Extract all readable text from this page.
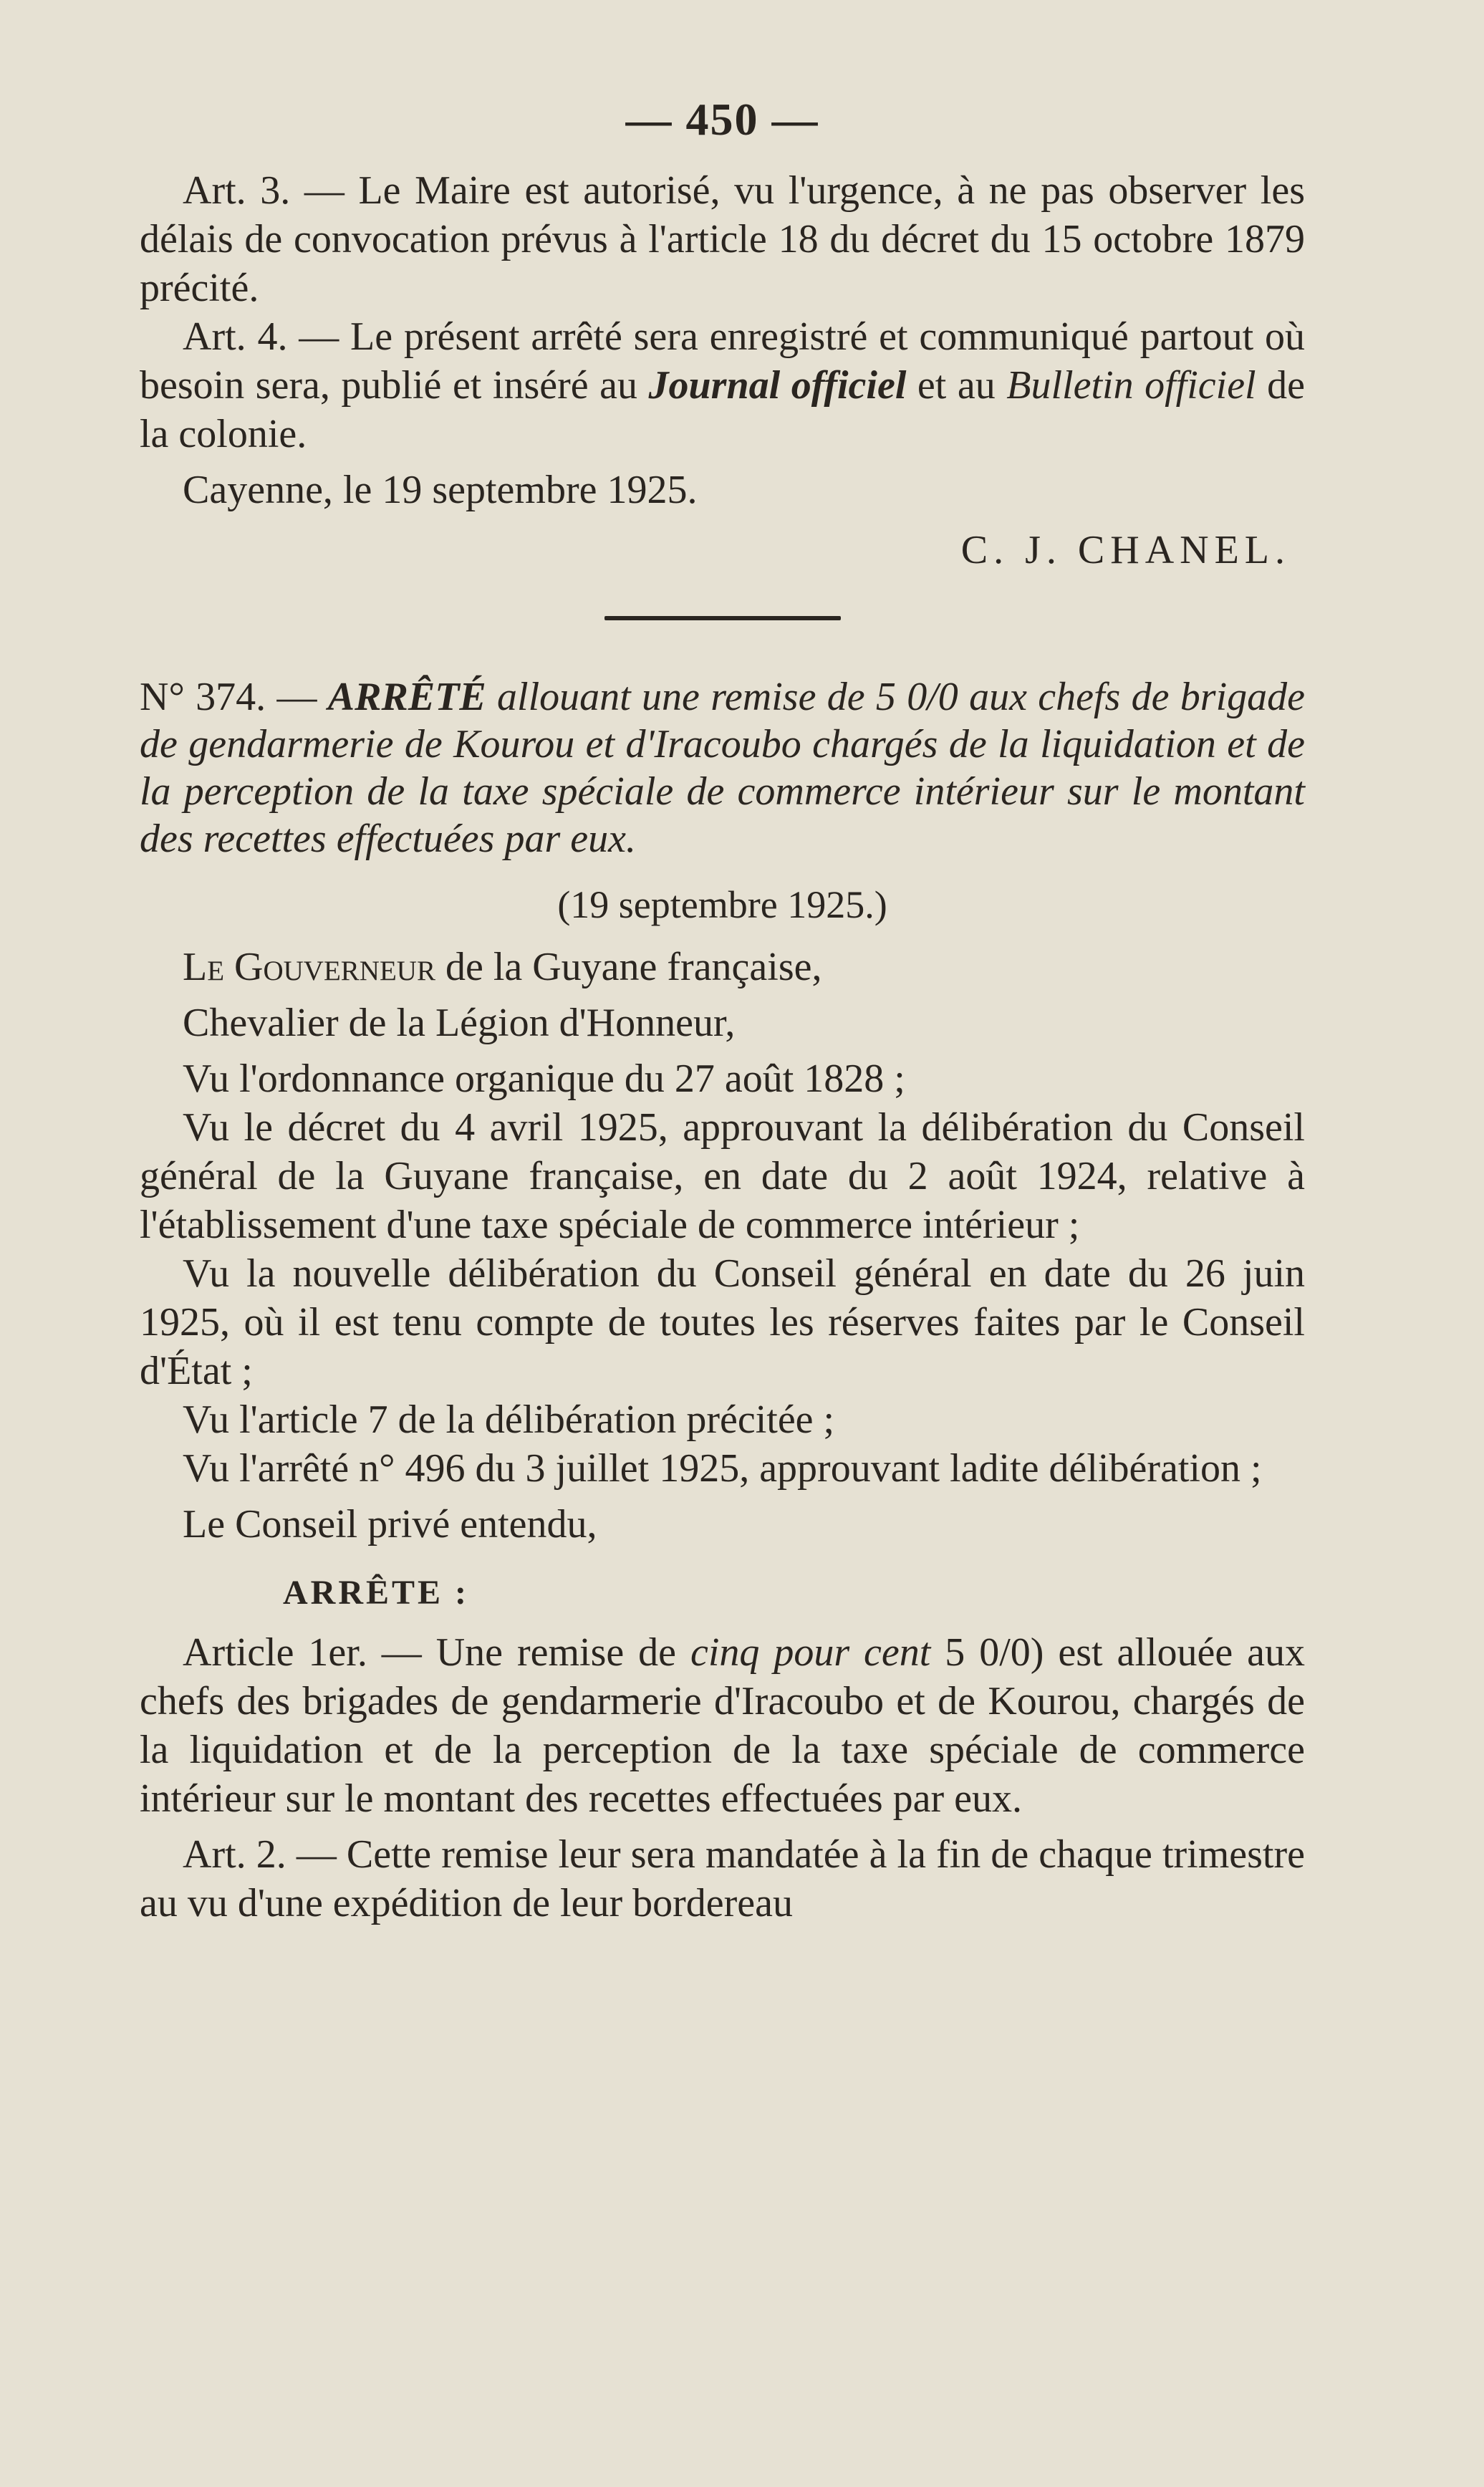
— 450 —

Art. 3. — Le Maire est autorisé, vu l'urgence, à ne pas observer les délais de convocation prévus à l'article 18 du décret du 15 octobre 1879 précité.

Art. 4. — Le présent arrêté sera enregistré et communiqué partout où besoin sera, publié et inséré au Journal officiel et au Bulletin officiel de la colonie.

Cayenne, le 19 septembre 1925.

C. J. CHANEL.

N° 374. — ARRÊTÉ allouant une remise de 5 0/0 aux chefs de brigade de gendarmerie de Kourou et d'Iracoubo chargés de la liquidation et de la perception de la taxe spéciale de commerce intérieur sur le montant des recettes effectuées par eux.

(19 septembre 1925.)

Le Gouverneur de la Guyane française,

Chevalier de la Légion d'Honneur,

Vu l'ordonnance organique du 27 août 1828 ;

Vu le décret du 4 avril 1925, approuvant la délibération du Conseil général de la Guyane française, en date du 2 août 1924, relative à l'établissement d'une taxe spéciale de commerce intérieur ;

Vu la nouvelle délibération du Conseil général en date du 26 juin 1925, où il est tenu compte de toutes les réserves faites par le Conseil d'État ;

Vu l'article 7 de la délibération précitée ;

Vu l'arrêté n° 496 du 3 juillet 1925, approuvant ladite délibération ;

Le Conseil privé entendu,

ARRÊTE :

Article 1er. — Une remise de cinq pour cent 5 0/0) est allouée aux chefs des brigades de gendarmerie d'Iracoubo et de Kourou, chargés de la liquidation et de la perception de la taxe spéciale de commerce intérieur sur le montant des recettes effectuées par eux.

Art. 2. — Cette remise leur sera mandatée à la fin de chaque trimestre au vu d'une expédition de leur bordereau
